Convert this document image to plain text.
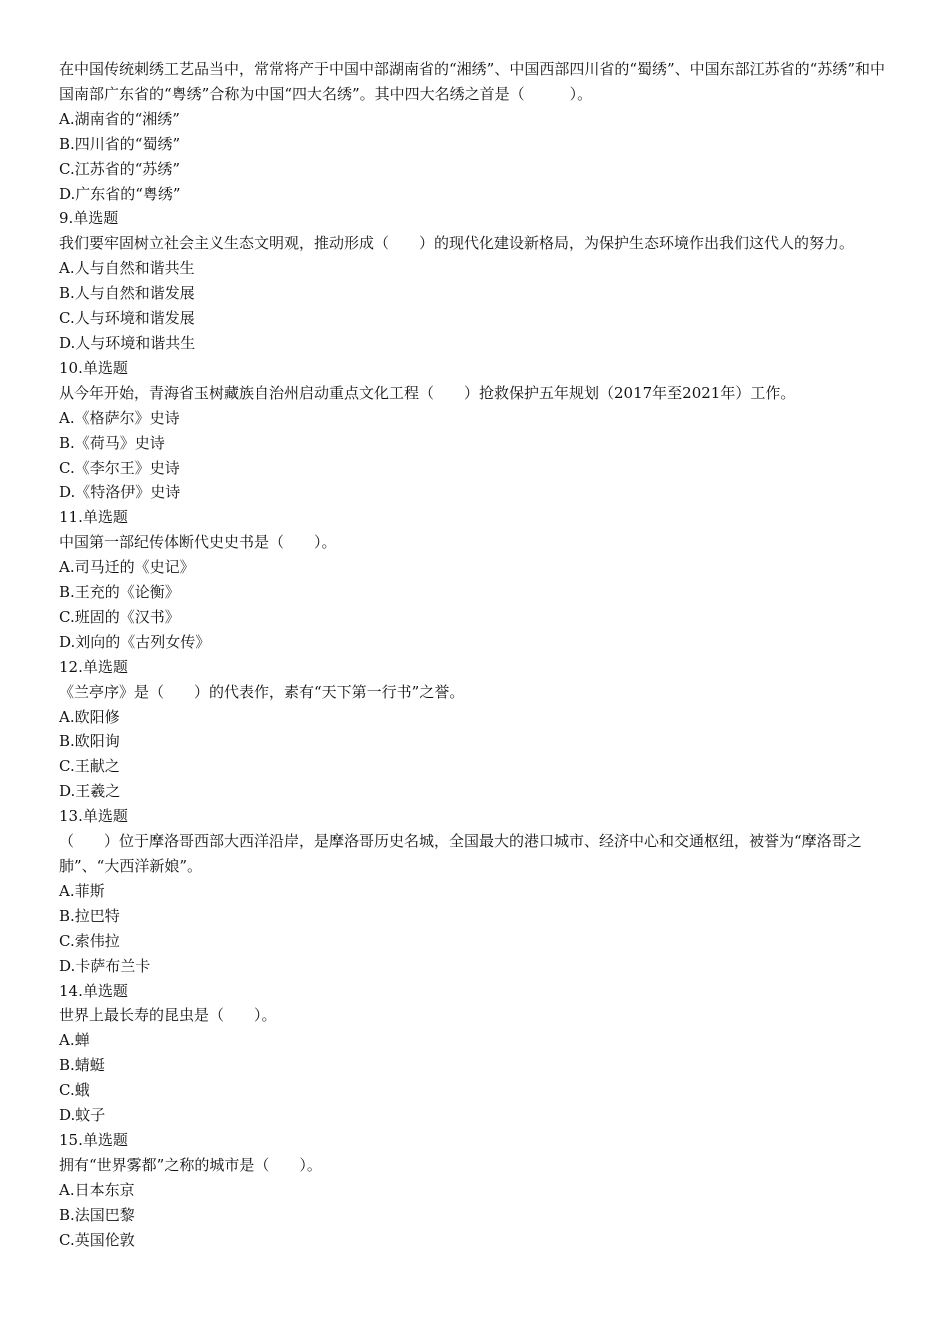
在中国传统刺绣工艺品当中，常常将产于中国中部湖南省的“湘绣”、中国西部四川省的“蜀绣”、中国东部江苏省的“苏绣”和中国南部广东省的“粤绣”合称为中国“四大名绣”。其中四大名绣之首是（　　　）。

A.湖南省的“湘绣”

B.四川省的“蜀绣”

C.江苏省的“苏绣”

D.广东省的“粤绣”

9.单选题

我们要牢固树立社会主义生态文明观，推动形成（　　）的现代化建设新格局，为保护生态环境作出我们这代人的努力。

A.人与自然和谐共生

B.人与自然和谐发展

C.人与环境和谐发展

D.人与环境和谐共生

10.单选题

从今年开始，青海省玉树藏族自治州启动重点文化工程（　　）抢救保护五年规划（2017年至2021年）工作。

A.《格萨尔》史诗

B.《荷马》史诗

C.《李尔王》史诗

D.《特洛伊》史诗

11.单选题

中国第一部纪传体断代史史书是（　　）。

A.司马迁的《史记》

B.王充的《论衡》

C.班固的《汉书》

D.刘向的《古列女传》

12.单选题

《兰亭序》是（　　）的代表作，素有“天下第一行书”之誉。

A.欧阳修

B.欧阳询

C.王献之

D.王羲之

13.单选题

（　　）位于摩洛哥西部大西洋沿岸，是摩洛哥历史名城，全国最大的港口城市、经济中心和交通枢纽，被誉为“摩洛哥之肺”、“大西洋新娘”。

A.菲斯

B.拉巴特

C.索伟拉

D.卡萨布兰卡

14.单选题

世界上最长寿的昆虫是（　　）。

A.蝉

B.蜻蜓

C.蛾

D.蚊子

15.单选题

拥有“世界雾都”之称的城市是（　　）。

A.日本东京

B.法国巴黎

C.英国伦敦
